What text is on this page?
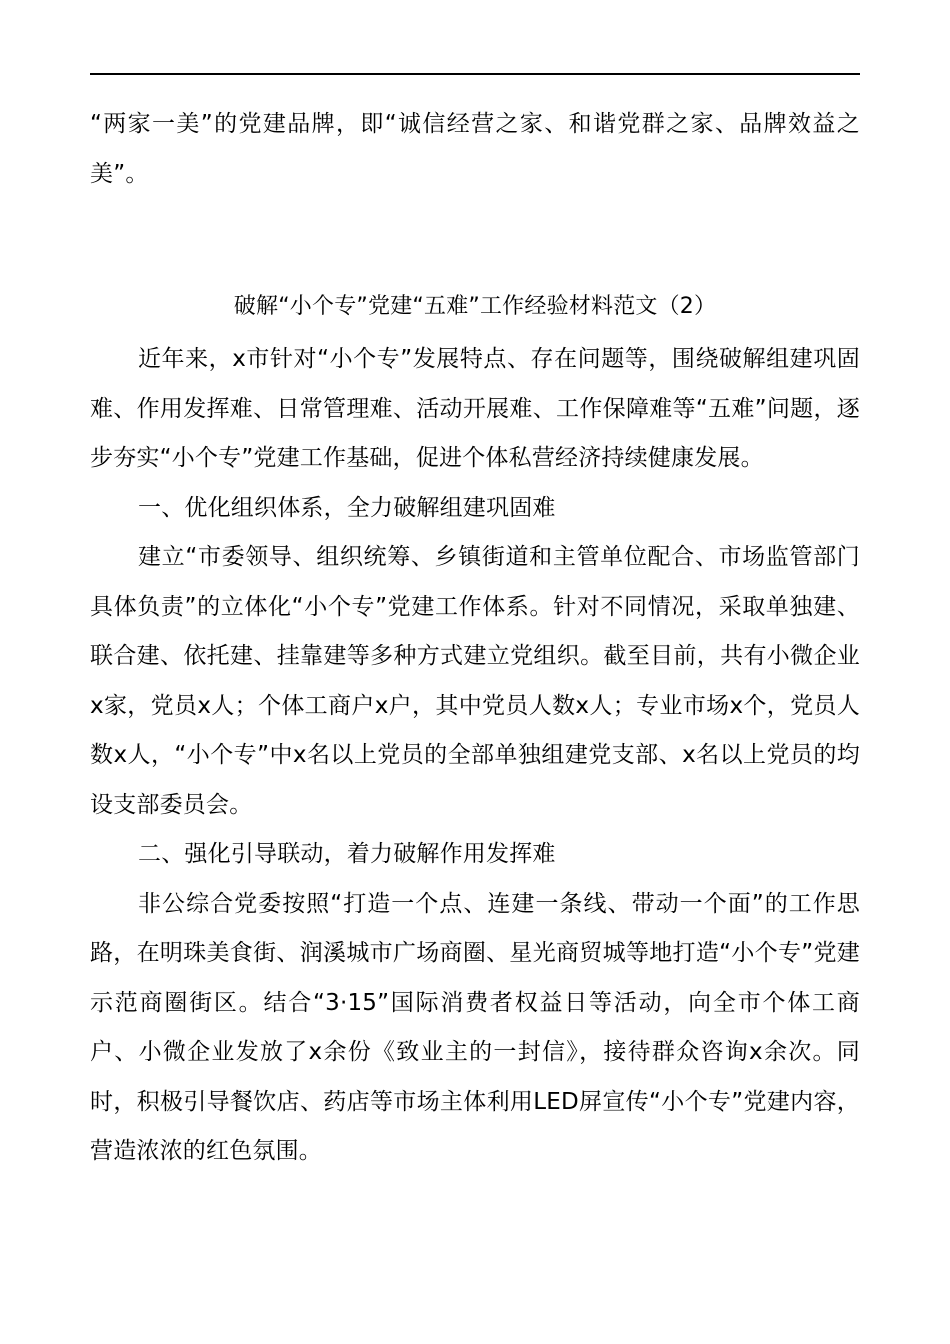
“两家一美”的党建品牌，即“诚信经营之家、和谐党群之家、品牌效益之美”。

破解“小个专”党建“五难”工作经验材料范文（2）

近年来，x市针对“小个专”发展特点、存在问题等，围绕破解组建巩固难、作用发挥难、日常管理难、活动开展难、工作保障难等“五难”问题，逐步夯实“小个专”党建工作基础，促进个体私营经济持续健康发展。

一、优化组织体系，全力破解组建巩固难

建立“市委领导、组织统筹、乡镇街道和主管单位配合、市场监管部门具体负责”的立体化“小个专”党建工作体系。针对不同情况，采取单独建、联合建、依托建、挂靠建等多种方式建立党组织。截至目前，共有小微企业x家，党员x人；个体工商户x户，其中党员人数x人；专业市场x个，党员人数x人，“小个专”中x名以上党员的全部单独组建党支部、x名以上党员的均设支部委员会。

二、强化引导联动，着力破解作用发挥难

非公综合党委按照“打造一个点、连建一条线、带动一个面”的工作思路，在明珠美食街、润溪城市广场商圈、星光商贸城等地打造“小个专”党建示范商圈街区。结合“3·15”国际消费者权益日等活动，向全市个体工商户、小微企业发放了x余份《致业主的一封信》，接待群众咨询x余次。同时，积极引导餐饮店、药店等市场主体利用LED屏宣传“小个专”党建内容，营造浓浓的红色氛围。
